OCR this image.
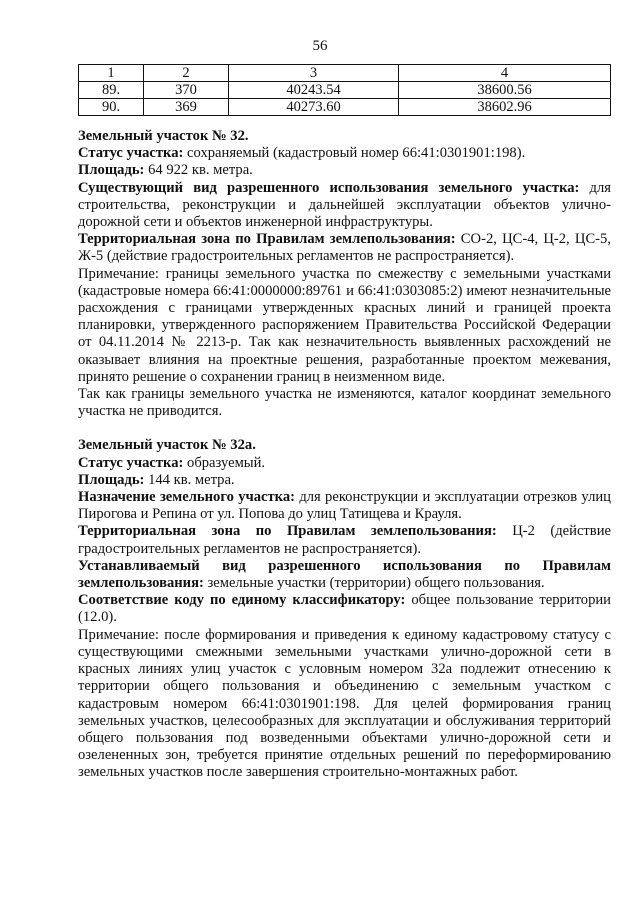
56
1	2	3	4
89.	370	40243.54	38600.56
90.	369	40273.60	38602.96

Земельный участок № 32.

Статус участка: сохраняемый (кадастровый номер 66:41:0301901:198).

Площадь: 64 922 кв. метра.

Существующий вид разрешенного использования земельного участка: для строительства, реконструкции и дальнейшей эксплуатации объектов улично-дорожной сети и объектов инженерной инфраструктуры.

Территориальная зона по Правилам землепользования: СО-2, ЦС-4, Ц-2, ЦС-5, Ж-5 (действие градостроительных регламентов не распространяется).

Примечание: границы земельного участка по смежеству с земельными участками (кадастровые номера 66:41:0000000:89761 и 66:41:0303085:2) имеют незначительные расхождения с границами утвержденных красных линий и границей проекта планировки, утвержденного распоряжением Правительства Российской Федерации от 04.11.2014 № 2213-р. Так как незначительность выявленных расхождений не оказывает влияния на проектные решения, разработанные проектом межевания, принято решение о сохранении границ в неизменном виде.

Так как границы земельного участка не изменяются, каталог координат земельного участка не приводится.

Земельный участок № 32а.

Статус участка: образуемый.

Площадь: 144 кв. метра.

Назначение земельного участка: для реконструкции и эксплуатации отрезков улиц Пирогова и Репина от ул. Попова до улиц Татищева и Крауля.

Территориальная зона по Правилам землепользования: Ц-2 (действие градостроительных регламентов не распространяется).

Устанавливаемый вид разрешенного использования по Правилам землепользования: земельные участки (территории) общего пользования.

Соответствие коду по единому классификатору: общее пользование территории (12.0).

Примечание: после формирования и приведения к единому кадастровому статусу с существующими смежными земельными участками улично-дорожной сети в красных линиях улиц участок с условным номером 32а подлежит отнесению к территории общего пользования и объединению с земельным участком с кадастровым номером 66:41:0301901:198. Для целей формирования границ земельных участков, целесообразных для эксплуатации и обслуживания территорий общего пользования под возведенными объектами улично-дорожной сети и озелененных зон, требуется принятие отдельных решений по переформированию земельных участков после завершения строительно-монтажных работ.
